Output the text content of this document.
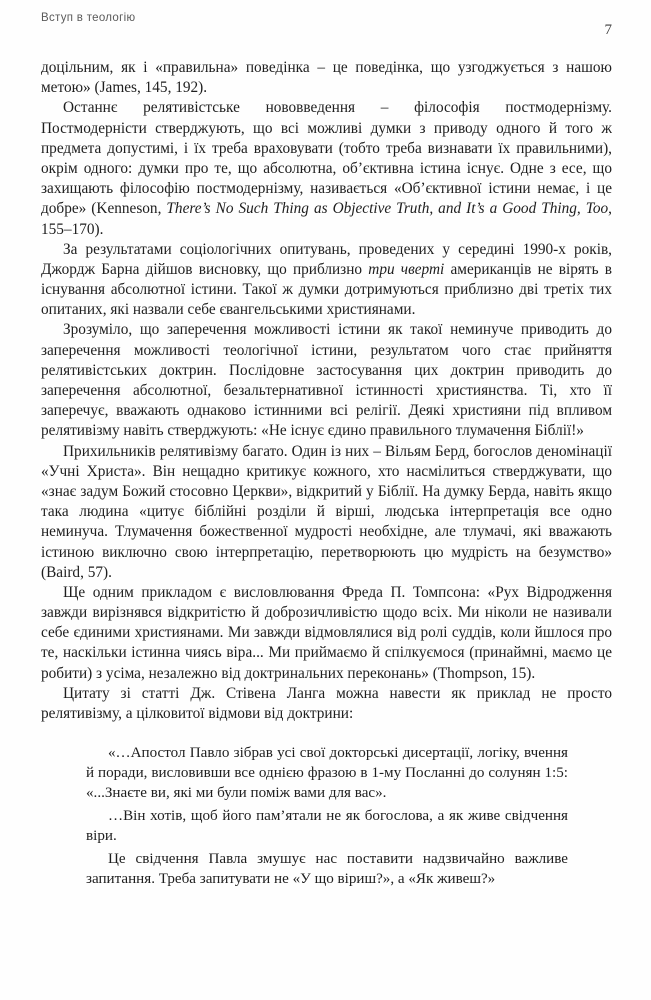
Вступ в теологію
7

доцільним, як і «правильна» поведінка – це поведінка, що узгоджується з нашою метою» (James, 145, 192).

Останнє релятивістське нововведення – філософія постмодернізму. Постмодерністи стверджують, що всі можливі думки з приводу одного й того ж предмета допустимі, і їх треба враховувати (тобто треба визнавати їх правильними), окрім одного: думки про те, що абсолютна, об’єктивна істина існує. Одне з есе, що захищають філософію постмодернізму, називається «Об’єктивної істини немає, і це добре» (Kenneson, There’s No Such Thing as Objective Truth, and It’s a Good Thing, Too, 155–170).

За результатами соціологічних опитувань, проведених у середині 1990-х років, Джордж Барна дійшов висновку, що приблизно три чверті американців не вірять в існування абсолютної істини. Такої ж думки дотримуються приблизно дві третіх тих опитаних, які назвали себе євангельськими християнами.

Зрозуміло, що заперечення можливості істини як такої неминуче приводить до заперечення можливості теологічної істини, результатом чого стає прийняття релятивістських доктрин. Послідовне застосування цих доктрин приводить до заперечення абсолютної, безальтернативної істинності християнства. Ті, хто її заперечує, вважають однаково істинними всі релігії. Деякі християни під впливом релятивізму навіть стверджують: «Не існує єдино правильного тлумачення Біблії!»

Прихильників релятивізму багато. Один із них – Вільям Берд, богослов деномінації «Учні Христа». Він нещадно критикує кожного, хто насмілиться стверджувати, що «знає задум Божий стосовно Церкви», відкритий у Біблії. На думку Берда, навіть якщо така людина «цитує біблійні розділи й вірші, людська інтерпретація все одно неминуча. Тлумачення божественної мудрості необхідне, але тлумачі, які вважають істиною виключно свою інтерпретацію, перетворюють цю мудрість на безумство» (Baird, 57).

Ще одним прикладом є висловлювання Фреда П. Томпсона: «Рух Відродження завжди вирізнявся відкритістю й доброзичливістю щодо всіх. Ми ніколи не називали себе єдиними християнами. Ми завжди відмовлялися від ролі суддів, коли йшлося про те, наскільки істинна чиясь віра... Ми приймаємо й спілкуємося (принаймні, маємо це робити) з усіма, незалежно від доктринальних переконань» (Thompson, 15).

Цитату зі статті Дж. Стівена Ланга можна навести як приклад не просто релятивізму, а цілковитої відмови від доктрини:

«…Апостол Павло зібрав усі свої докторські дисертації, логіку, вчення й поради, висловивши все однією фразою в 1-му Посланні до солунян 1:5: «...Знаєте ви, які ми були поміж вами для вас».

…Він хотів, щоб його пам’ятали не як богослова, а як живе свідчення віри.

Це свідчення Павла змушує нас поставити надзвичайно важливе запитання. Треба запитувати не «У що віриш?», а «Як живеш?»
